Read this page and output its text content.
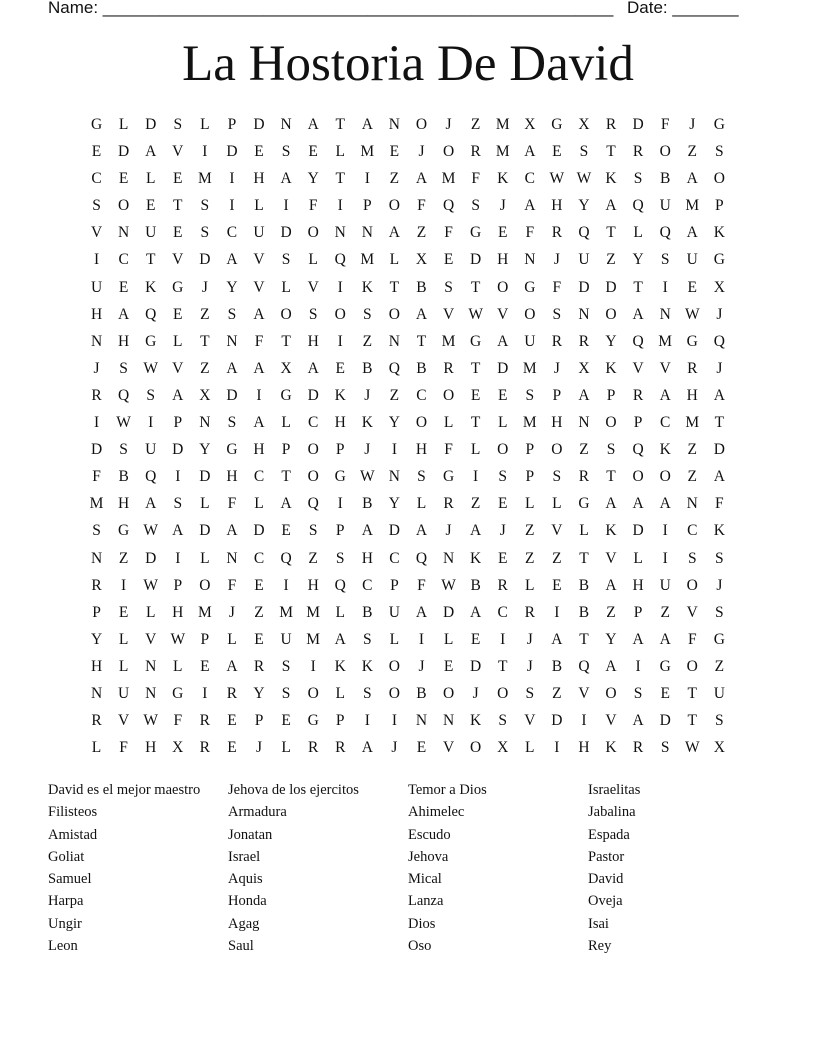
Name: ______________________________________________________ Date: _______
La Hostoria De David
G	L	D	S	L	P	D	N	A	T	A	N	O	J	Z M X	G	X	R	D	F	J	G
E	D	A	V	I	D	E	S	E	L M E	J	O	R M A	E	S	T	R	O	Z	S
C	E	L	E M	I	H	A	Y	T	I	Z	A M	F	K	C W W K	S	B	A	O
S	O	E	T	S	I	L	I	F	I	P	O	F	Q	S	J	A	H	Y	A	Q	U M	P
V	N	U	E	S	C	U	D	O	N	N	A	Z	F	G	E	F	R	Q	T	L	Q	A	K
I	C	T	V	D	A	V	S	L	Q M L	X	E	D	H	N	J	U	Z	Y	S	U	G
U	E	K	G	J	Y	V	L	V	I	K	T	B	S	T	O	G	F	D	D	T	I	E	X
H	A	Q	E	Z	S	A	O	S	O	S	O	A	V W V	O	S	N	O	A	N W	J
N	H	G	L	T	N	F	T	H	I	Z	N	T M G	A	U	R	R	Y	Q M G	Q
J	S W V	Z	A	A	X	A	E	B	Q	B	R	T	D M	J	X	K	V	V	R	J
R	Q	S	A	X	D	I	G	D	K	J	Z	C	O	E	E	S	P	A	P	R	A	H	A
I	W	I	P	N	S	A	L	C	H	K	Y	O	L	T	L M H	N	O	P	C M T
D	S	U	D	Y	G	H	P	O	P	J	I	H	F	L	O	P	O	Z	S	Q	K	Z	D
F	B	Q	I	D	H	C	T	O	G W N	S	G	I	S	P	S	R	T	O	O	Z	A
M H	A	S	L	F	L	A	Q	I	B	Y	L	R	Z	E	L	L	G	A	A	A	N	F
S	G W A	D	A	D	E	S	P	A	D	A	J	A	J	Z	V	L	K	D	I	C	K
N	Z	D	I	L	N	C	Q	Z	S	H	C	Q	N	K	E	Z	Z	T	V	L	I	S	S
R	I	W P	O	F	E	I	H	Q	C	P	F W B	R	L	E	B	A	H	U	O	J
P	E	L	H M	J	Z M M L	B	U	A	D	A	C	R	I	B	Z	P	Z	V	S
Y	L	V W P	L	E	U M A	S	L	I	L	E	I	J	A	T	Y	A	A	F	G
H	L	N	L	E	A	R	S	I	K	K	O	J	E	D	T	J	B	Q	A	I	G	O	Z
N	U	N	G	I	R	Y	S	O	L	S	O	B	O	J	O	S	Z	V	O	S	E	T	U
R	V W F	R	E	P	E	G	P	I	I	N	N	K	S	V	D	I	V	A	D	T	S
L	F	H	X	R	E	J	L	R	R	A	J	E	V	O	X	L	I	H	K	R	S W X
David es el mejor maestro
Filisteos
Amistad
Goliat
Samuel
Harpa
Ungir
Leon
Jehova de los ejercitos
Armadura
Jonatan
Israel
Aquis
Honda
Agag
Saul
Temor a Dios
Ahimelec
Escudo
Jehova
Mical
Lanza
Dios
Oso
Israelitas
Jabalina
Espada
Pastor
David
Oveja
Isai
Rey
